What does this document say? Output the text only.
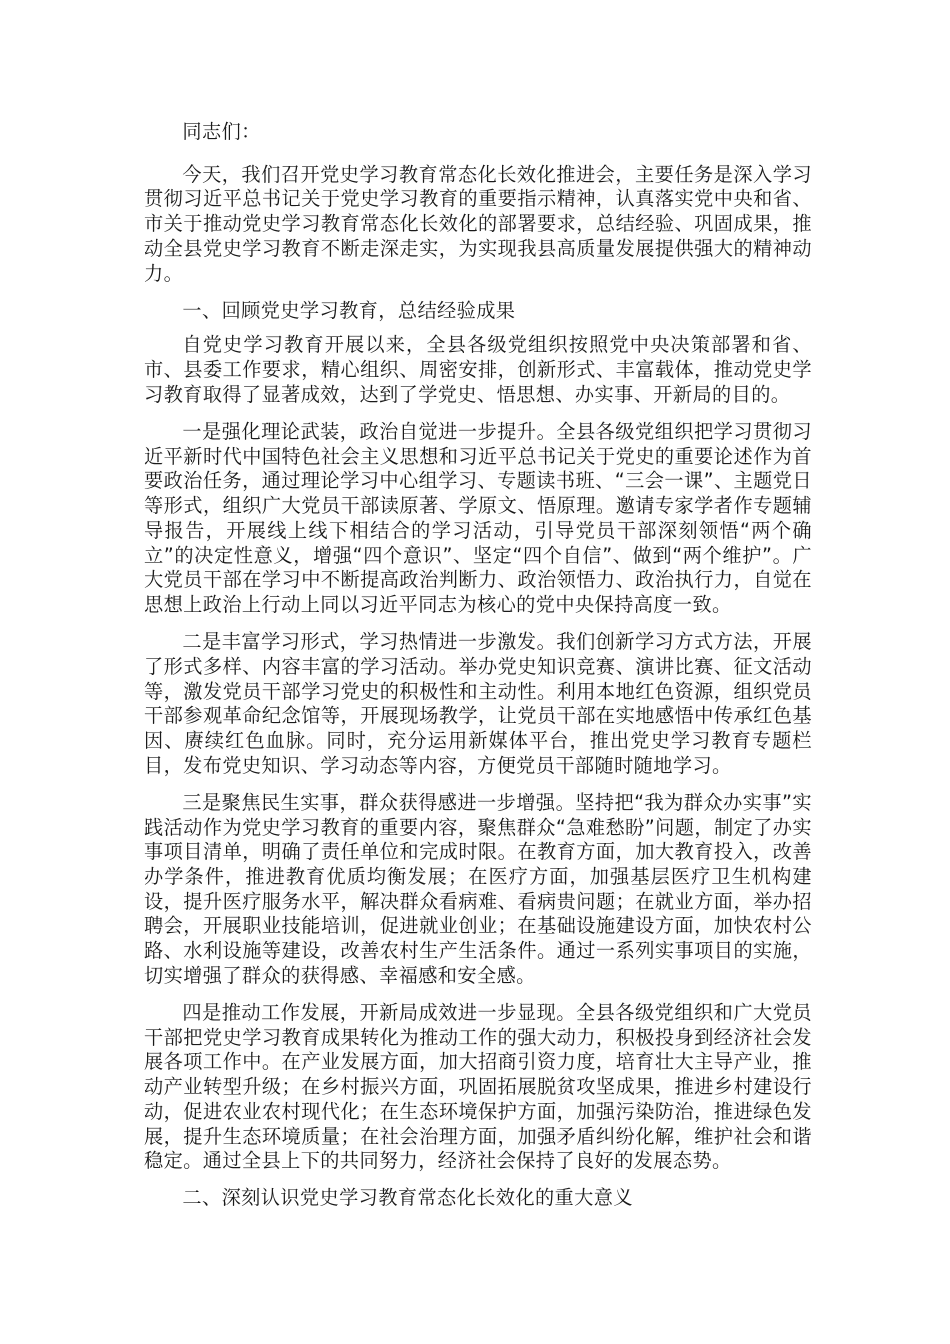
同志们：

今天，我们召开党史学习教育常态化长效化推进会，主要任务是深入学习贯彻习近平总书记关于党史学习教育的重要指示精神，认真落实党中央和省、市关于推动党史学习教育常态化长效化的部署要求，总结经验、巩固成果，推动全县党史学习教育不断走深走实，为实现我县高质量发展提供强大的精神动力。

一、回顾党史学习教育，总结经验成果

自党史学习教育开展以来，全县各级党组织按照党中央决策部署和省、市、县委工作要求，精心组织、周密安排，创新形式、丰富载体，推动党史学习教育取得了显著成效，达到了学党史、悟思想、办实事、开新局的目的。

一是强化理论武装，政治自觉进一步提升。全县各级党组织把学习贯彻习近平新时代中国特色社会主义思想和习近平总书记关于党史的重要论述作为首要政治任务，通过理论学习中心组学习、专题读书班、“三会一课”、主题党日等形式，组织广大党员干部读原著、学原文、悟原理。邀请专家学者作专题辅导报告，开展线上线下相结合的学习活动，引导党员干部深刻领悟“两个确立”的决定性意义，增强“四个意识”、坚定“四个自信”、做到“两个维护”。广大党员干部在学习中不断提高政治判断力、政治领悟力、政治执行力，自觉在思想上政治上行动上同以习近平同志为核心的党中央保持高度一致。

二是丰富学习形式，学习热情进一步激发。我们创新学习方式方法，开展了形式多样、内容丰富的学习活动。举办党史知识竞赛、演讲比赛、征文活动等，激发党员干部学习党史的积极性和主动性。利用本地红色资源，组织党员干部参观革命纪念馆等，开展现场教学，让党员干部在实地感悟中传承红色基因、赓续红色血脉。同时，充分运用新媒体平台，推出党史学习教育专题栏目，发布党史知识、学习动态等内容，方便党员干部随时随地学习。

三是聚焦民生实事，群众获得感进一步增强。坚持把“我为群众办实事”实践活动作为党史学习教育的重要内容，聚焦群众“急难愁盼”问题，制定了办实事项目清单，明确了责任单位和完成时限。在教育方面，加大教育投入，改善办学条件，推进教育优质均衡发展；在医疗方面，加强基层医疗卫生机构建设，提升医疗服务水平，解决群众看病难、看病贵问题；在就业方面，举办招聘会，开展职业技能培训，促进就业创业；在基础设施建设方面，加快农村公路、水利设施等建设，改善农村生产生活条件。通过一系列实事项目的实施，切实增强了群众的获得感、幸福感和安全感。

四是推动工作发展，开新局成效进一步显现。全县各级党组织和广大党员干部把党史学习教育成果转化为推动工作的强大动力，积极投身到经济社会发展各项工作中。在产业发展方面，加大招商引资力度，培育壮大主导产业，推动产业转型升级；在乡村振兴方面，巩固拓展脱贫攻坚成果，推进乡村建设行动，促进农业农村现代化；在生态环境保护方面，加强污染防治，推进绿色发展，提升生态环境质量；在社会治理方面，加强矛盾纠纷化解，维护社会和谐稳定。通过全县上下的共同努力，经济社会保持了良好的发展态势。

二、深刻认识党史学习教育常态化长效化的重大意义
